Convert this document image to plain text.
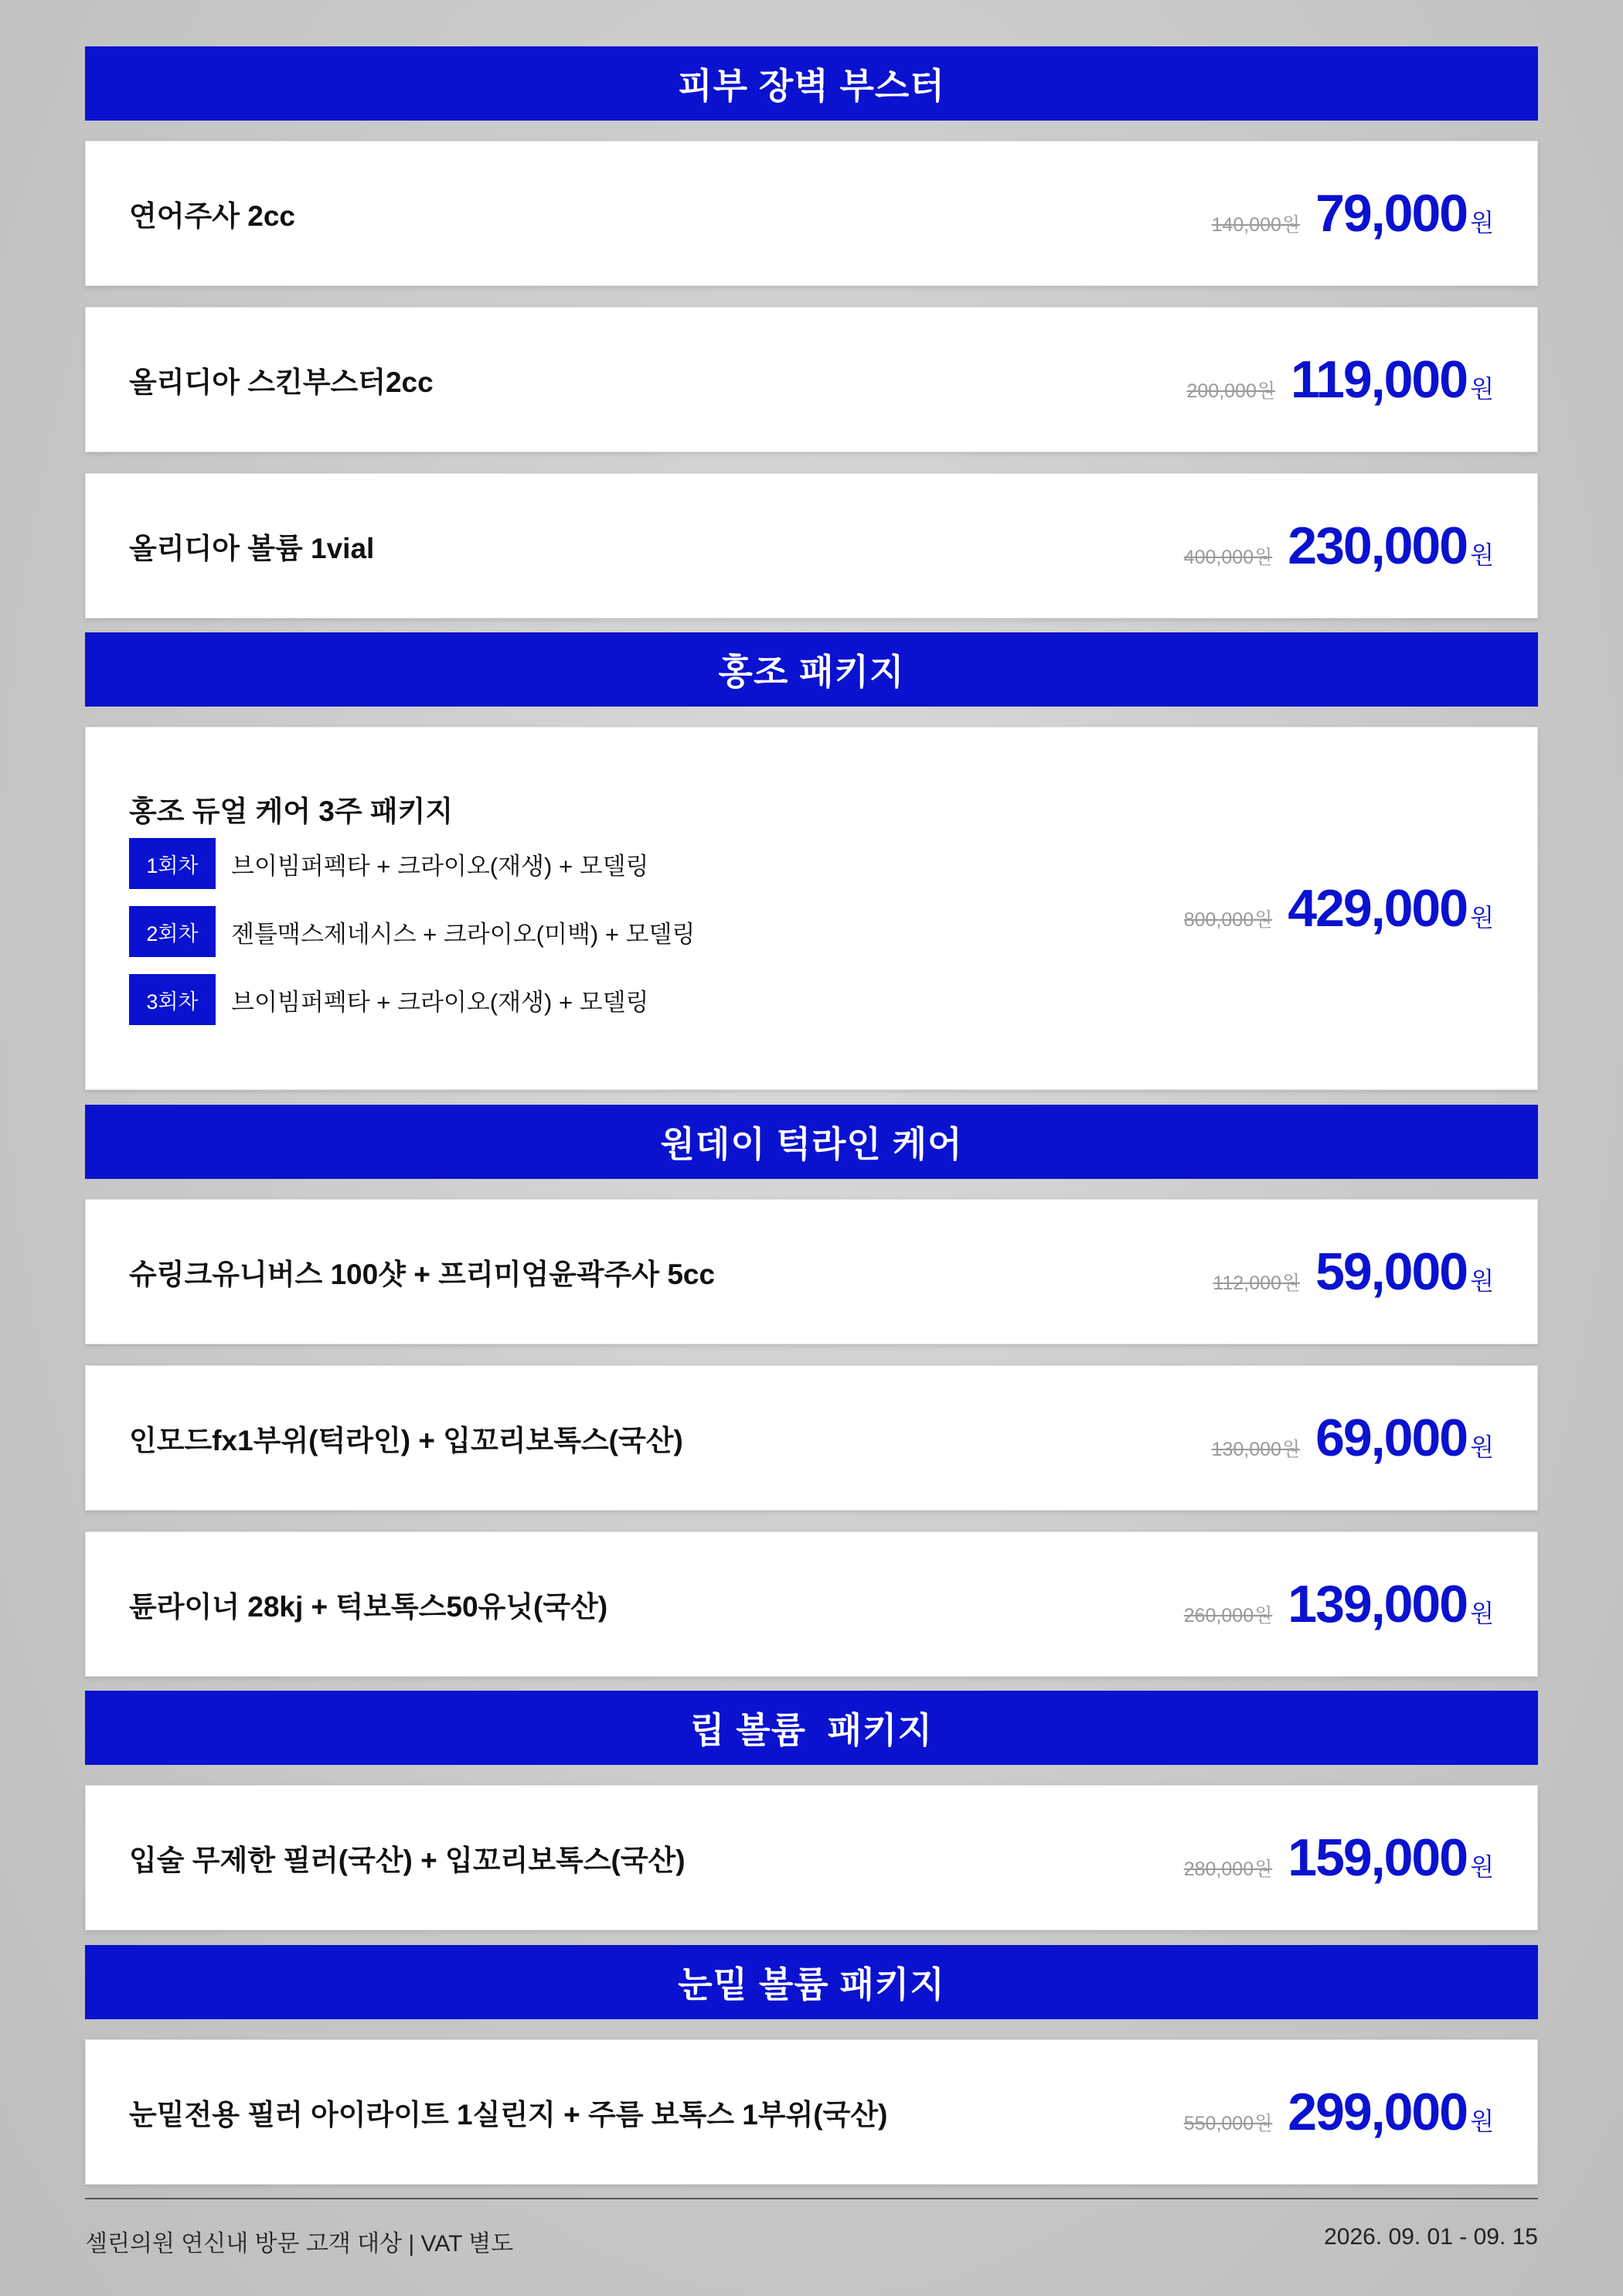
피부 장벽 부스터
연어주사 2cc	140,000원 79,000 원
올리디아 스킨부스터2cc	200,000원 119,000 원
올리디아 볼륨 1vial	400,000원 230,000 원
홍조 패키지
홍조 듀얼 케어 3주 패키지
1회차	브이빔퍼펙타 + 크라이오(재생) + 모델링
2회차	젠틀맥스제네시스 + 크라이오(미백) + 모델링
3회차	브이빔퍼펙타 + 크라이오(재생) + 모델링
800,000원 429,000 원
원데이 턱라인 케어
슈링크유니버스 100샷 + 프리미엄윤곽주사 5cc	112,000원 59,000 원
인모드fx1부위(턱라인) + 입꼬리보톡스(국산)	130,000원 69,000 원
튠라이너 28kj + 턱보톡스50유닛(국산)	260,000원 139,000 원
립 볼륨  패키지
입술 무제한 필러(국산) + 입꼬리보톡스(국산)	280,000원 159,000 원
눈밑 볼륨 패키지
눈밑전용 필러 아이라이트 1실린지 + 주름 보톡스 1부위(국산)	550,000원 299,000 원
셀린의원 연신내 방문 고객 대상 | VAT 별도	2026. 09. 01 - 09. 15
